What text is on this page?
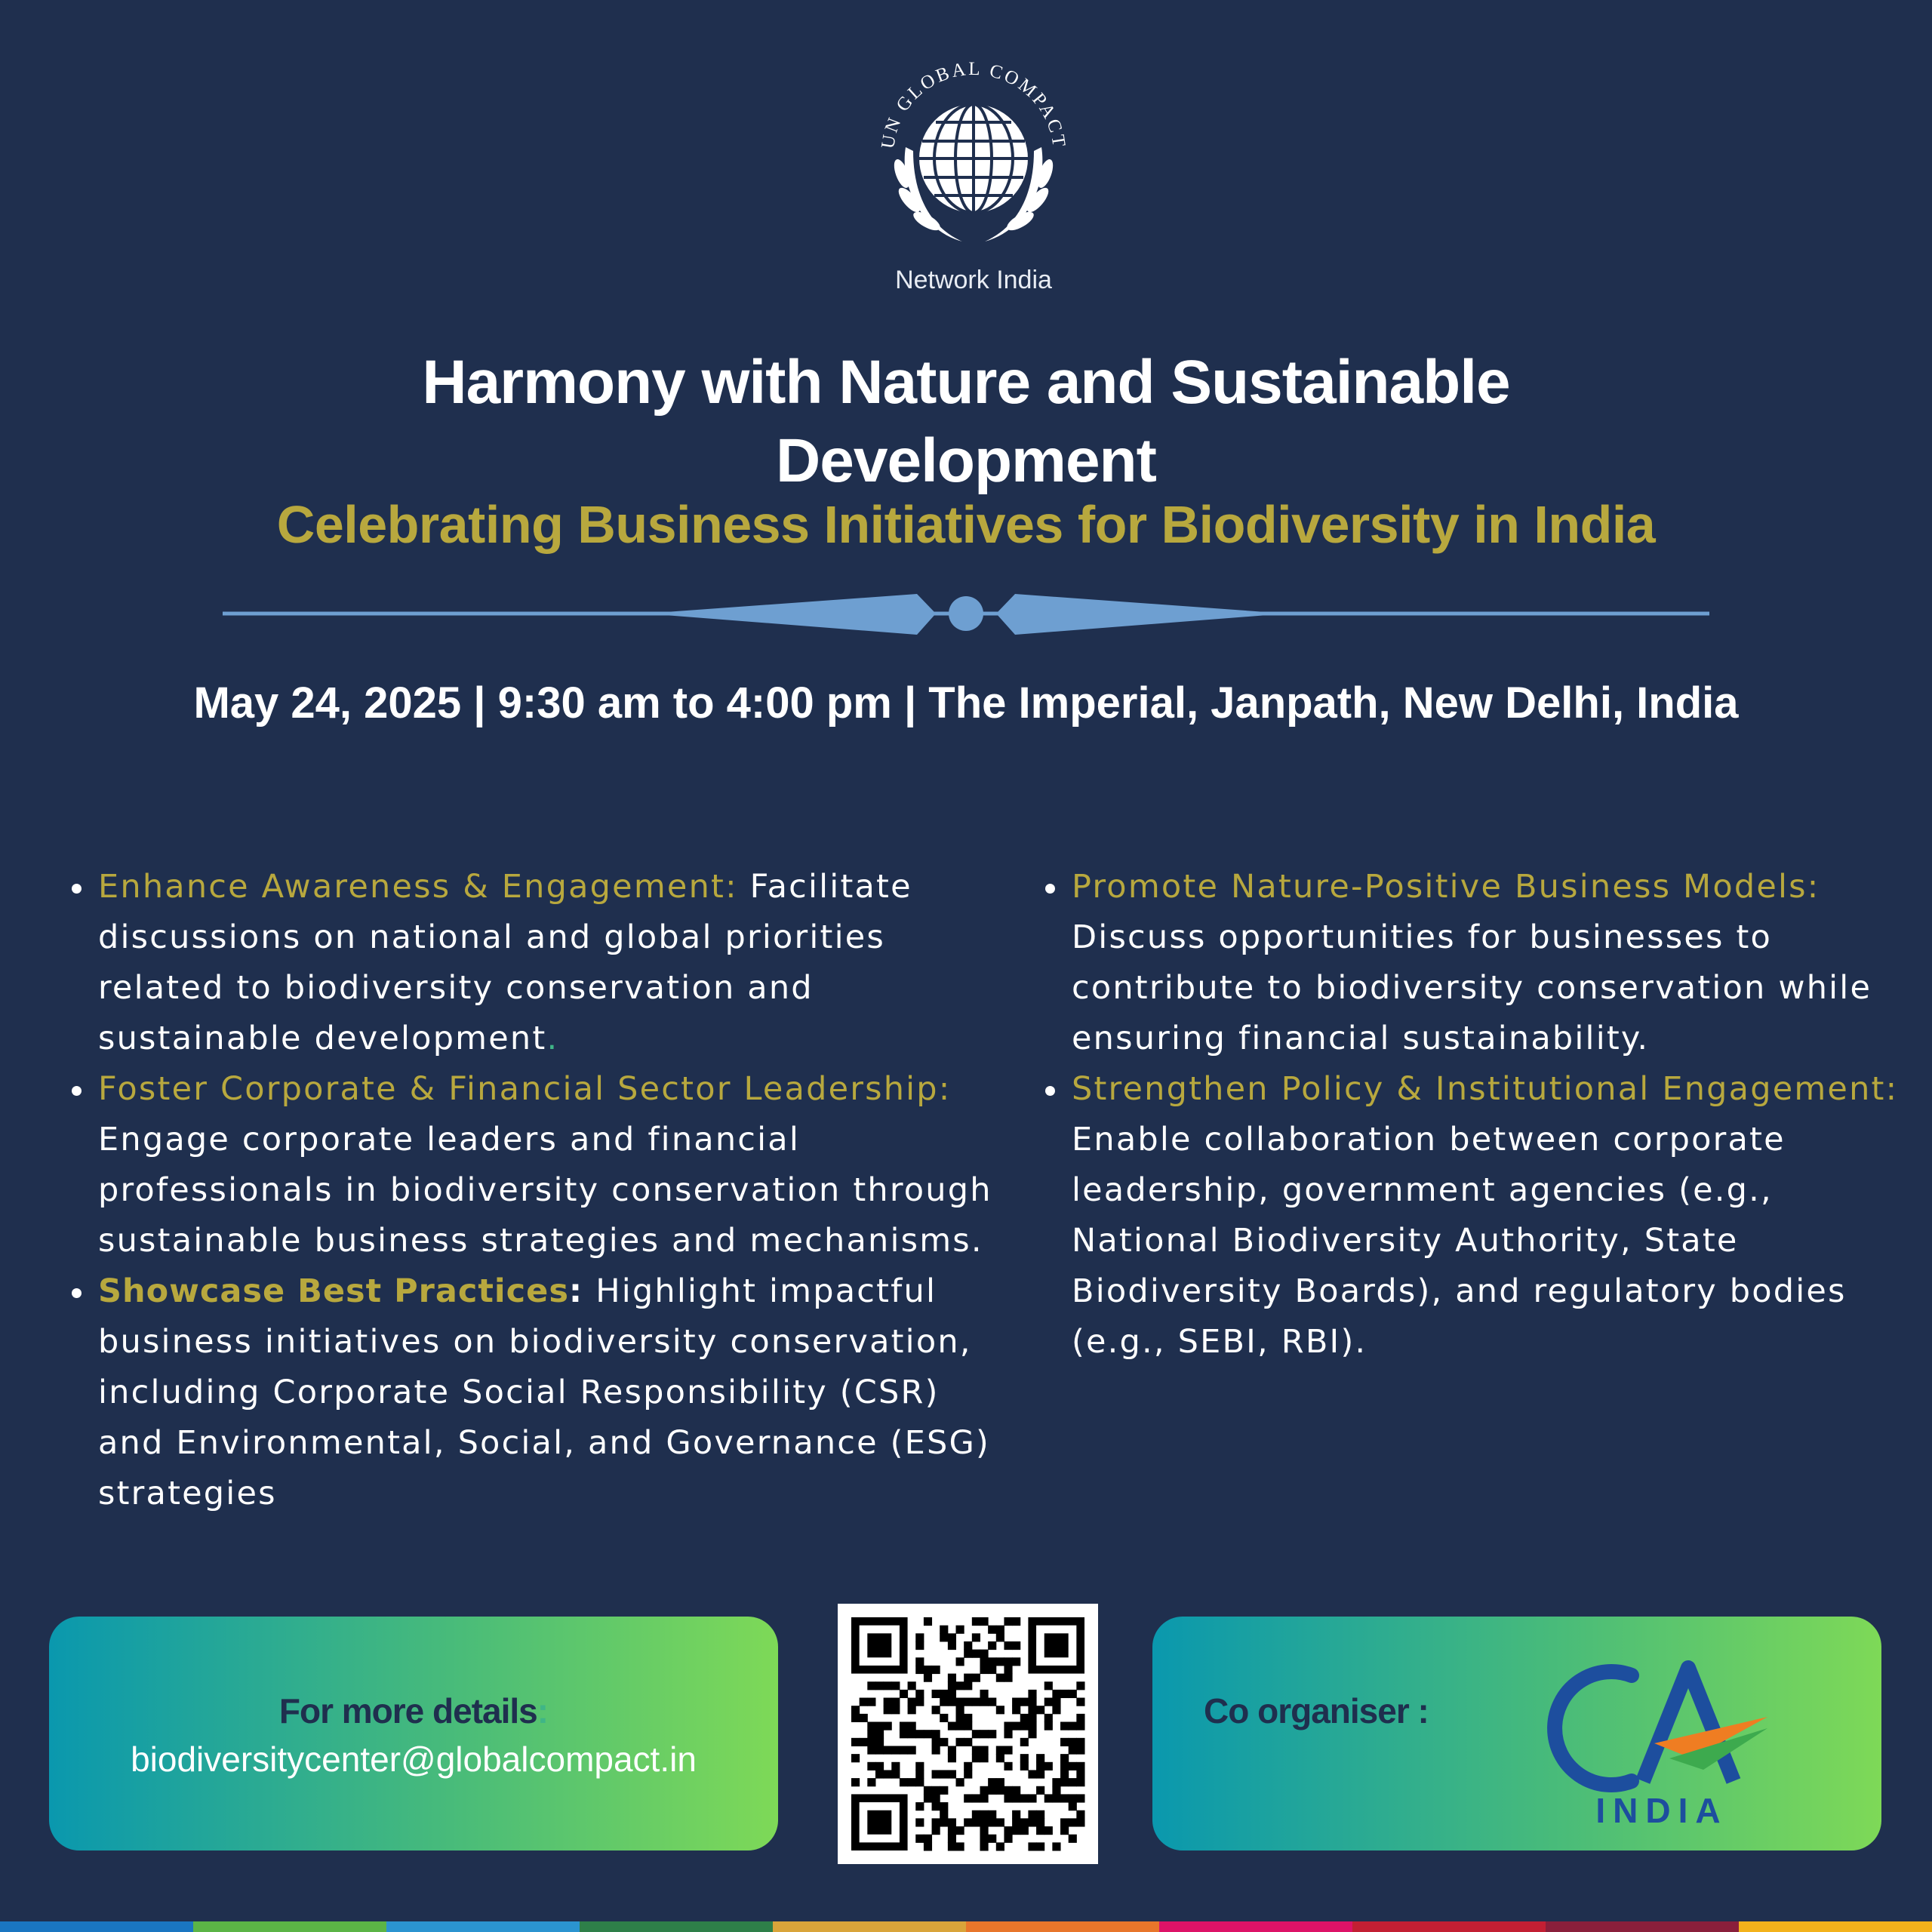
UN GLOBAL COMPACT
Network India
Harmony with Nature and Sustainable
Development
Celebrating Business Initiatives for Biodiversity in India
May 24, 2025 | 9:30 am to 4:00 pm | The Imperial, Janpath, New Delhi, India
Enhance Awareness & Engagement: Facilitate discussions on national and global priorities related to biodiversity conservation and sustainable development.
Foster Corporate & Financial Sector Leadership: Engage corporate leaders and financial professionals in biodiversity conservation through sustainable business strategies and mechanisms.
Showcase Best Practices: Highlight impactful business initiatives on biodiversity conservation, including Corporate Social Responsibility (CSR) and Environmental, Social, and Governance (ESG) strategies
Promote Nature-Positive Business Models: Discuss opportunities for businesses to contribute to biodiversity conservation while ensuring financial sustainability.
Strengthen Policy & Institutional Engagement: Enable collaboration between corporate leadership, government agencies (e.g., National Biodiversity Authority, State Biodiversity Boards), and regulatory bodies (e.g., SEBI, RBI).
For more details:
biodiversitycenter@globalcompact.in
Co organiser :
INDIA
